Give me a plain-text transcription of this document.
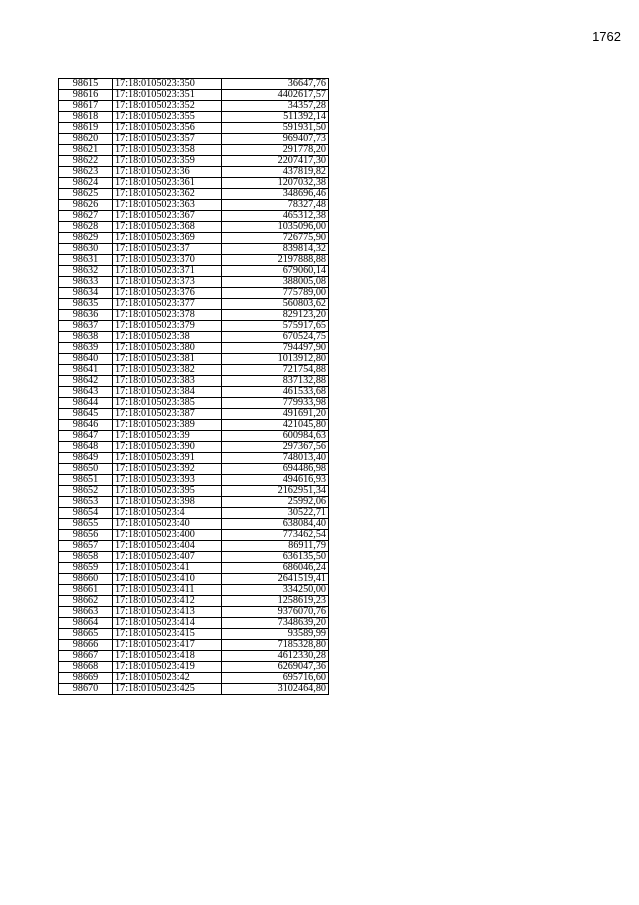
1762
98615	17:18:0105023:350	36647,76
98616	17:18:0105023:351	4402617,57
98617	17:18:0105023:352	34357,28
98618	17:18:0105023:355	511392,14
98619	17:18:0105023:356	591931,50
98620	17:18:0105023:357	969407,73
98621	17:18:0105023:358	291778,20
98622	17:18:0105023:359	2207417,30
98623	17:18:0105023:36	437819,82
98624	17:18:0105023:361	1207032,38
98625	17:18:0105023:362	348696,46
98626	17:18:0105023:363	78327,48
98627	17:18:0105023:367	465312,38
98628	17:18:0105023:368	1035096,00
98629	17:18:0105023:369	726775,90
98630	17:18:0105023:37	839814,32
98631	17:18:0105023:370	2197888,88
98632	17:18:0105023:371	679060,14
98633	17:18:0105023:373	388005,08
98634	17:18:0105023:376	775789,00
98635	17:18:0105023:377	560803,62
98636	17:18:0105023:378	829123,20
98637	17:18:0105023:379	575917,65
98638	17:18:0105023:38	670524,75
98639	17:18:0105023:380	794497,90
98640	17:18:0105023:381	1013912,80
98641	17:18:0105023:382	721754,88
98642	17:18:0105023:383	837132,88
98643	17:18:0105023:384	461533,68
98644	17:18:0105023:385	779933,98
98645	17:18:0105023:387	491691,20
98646	17:18:0105023:389	421045,80
98647	17:18:0105023:39	600984,63
98648	17:18:0105023:390	297367,56
98649	17:18:0105023:391	748013,40
98650	17:18:0105023:392	694486,98
98651	17:18:0105023:393	494616,93
98652	17:18:0105023:395	2162951,34
98653	17:18:0105023:398	25992,06
98654	17:18:0105023:4	30522,71
98655	17:18:0105023:40	638084,40
98656	17:18:0105023:400	773462,54
98657	17:18:0105023:404	86911,79
98658	17:18:0105023:407	636135,50
98659	17:18:0105023:41	686046,24
98660	17:18:0105023:410	2641519,41
98661	17:18:0105023:411	334250,00
98662	17:18:0105023:412	1258619,23
98663	17:18:0105023:413	9376070,76
98664	17:18:0105023:414	7348639,20
98665	17:18:0105023:415	93589,99
98666	17:18:0105023:417	7185328,80
98667	17:18:0105023:418	4612330,28
98668	17:18:0105023:419	6269047,36
98669	17:18:0105023:42	695716,60
98670	17:18:0105023:425	3102464,80
